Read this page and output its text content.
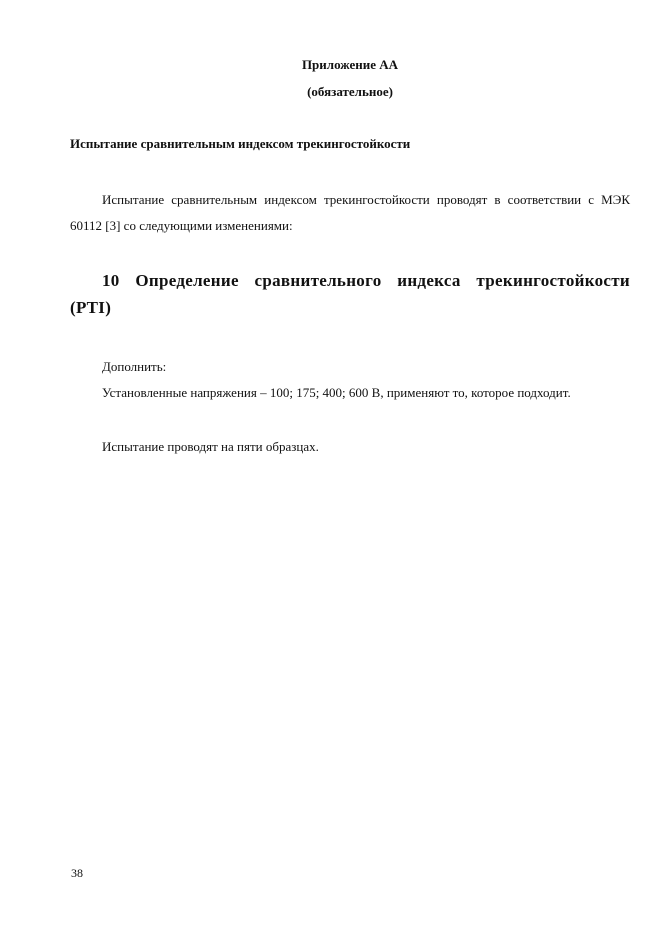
Приложение АА
(обязательное)
Испытание сравнительным индексом трекингостойкости

Испытание сравнительным индексом трекингостойкости проводят в соответствии с МЭК 60112 [3] со следующими изменениями:

10 Определение сравнительного индекса трекингостойкости (PTI)

Дополнить:

Установленные напряжения – 100; 175; 400; 600 В, применяют то, которое подходит.

Испытание проводят на пяти образцах.

38
